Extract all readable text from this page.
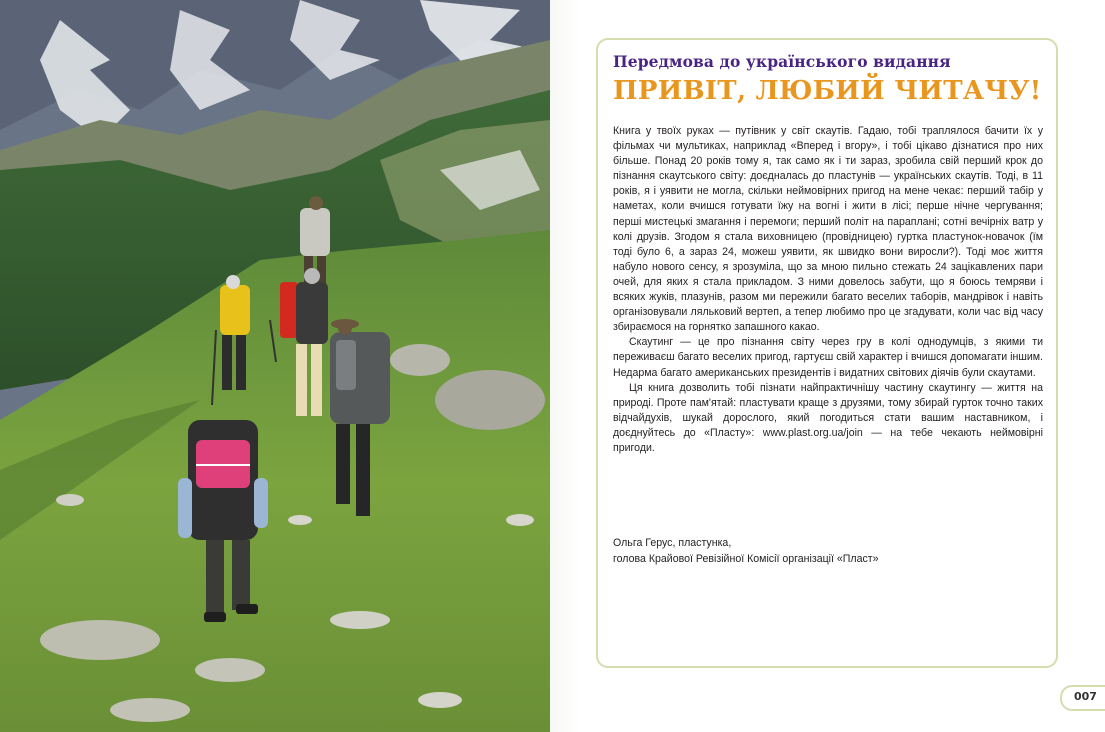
Передмова до українського видання
ПРИВІТ, ЛЮБИЙ ЧИТАЧУ!

Книга у твоїх руках — путівник у світ скаутів. Гадаю, тобі траплялося бачити їх у фільмах чи мультиках, наприклад «Вперед і вгору», і тобі цікаво дізнатися про них більше. Понад 20 років тому я, так само як і ти зараз, зробила свій перший крок до пізнання скаутського світу: доєдналась до пластунів — українських скаутів. Тоді, в 11 років, я і уявити не могла, скільки неймовірних пригод на мене чекає: перший табір у наметах, коли вчишся готувати їжу на вогні і жити в лісі; перше нічне чергування; перші мистецькі змагання і перемоги; перший політ на параплані; сотні вечірніх ватр у колі друзів. Згодом я стала виховницею (провідницею) гуртка пластунок-новачок (їм тоді було 6, а зараз 24, можеш уявити, як швидко вони виросли?). Тоді моє життя набуло нового сенсу, я зрозуміла, що за мною пильно стежать 24 зацікавлених пари очей, для яких я стала прикладом. З ними довелось забути, що я боюсь темряви і всяких жуків, плазунів, разом ми пережили багато веселих таборів, мандрівок і навіть організовували ляльковий вертеп, а тепер любимо про це згадувати, коли час від часу збираємося на горнятко запашного какао.

Скаутинг — це про пізнання світу через гру в колі однодумців, з якими ти переживаєш багато веселих пригод, гартуєш свій характер і вчишся допомагати іншим. Недарма багато американських президентів і видатних світових діячів були скаутами.

Ця книга дозволить тобі пізнати найпрактичнішу частину скаутингу — життя на природі. Проте пам'ятай: пластувати краще з друзями, тому збирай гурток точно таких відчайдухів, шукай дорослого, який погодиться стати вашим наставником, і доєднуйтесь до «Пласту»: www.plast.org.ua/join — на тебе чекають неймовірні пригоди.

Ольга Герус, пластунка,
голова Крайової Ревізійної Комісії організації «Пласт»
007
